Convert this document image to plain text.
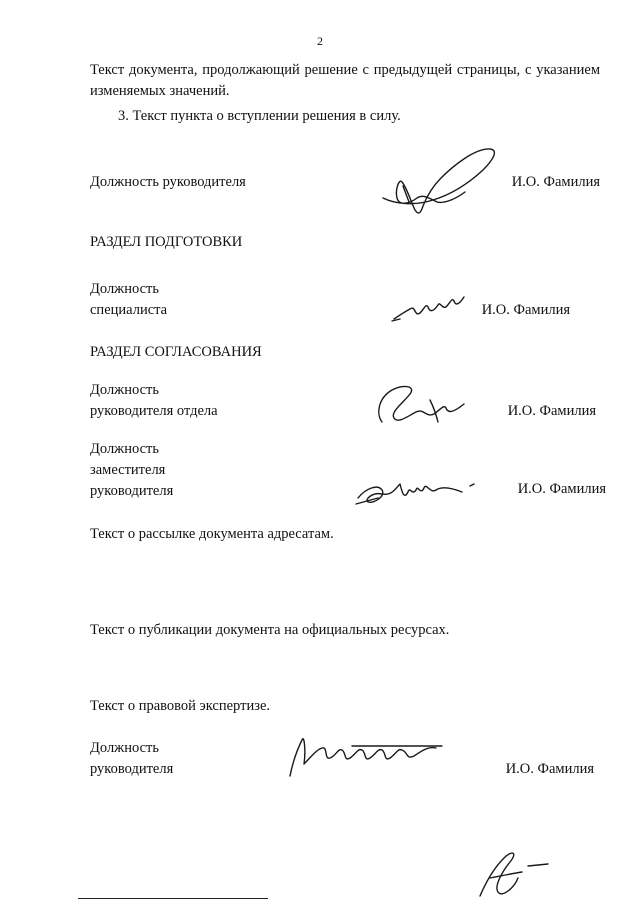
2
Текст документа, продолжающий решение с предыдущей страницы, с указанием изменяемых значений.
3. Текст пункта о вступлении решения в силу.
Должность руководителя	И.О. Фамилия
РАЗДЕЛ ПОДГОТОВКИ
Должность
специалиста	И.О. Фамилия
РАЗДЕЛ СОГЛАСОВАНИЯ
Должность
руководителя отдела	И.О. Фамилия
Должность
заместителя
руководителя	И.О. Фамилия
Текст о рассылке документа адресатам.
Текст о публикации документа на официальных ресурсах.
Текст о правовой экспертизе.
Должность
руководителя	И.О. Фамилия
